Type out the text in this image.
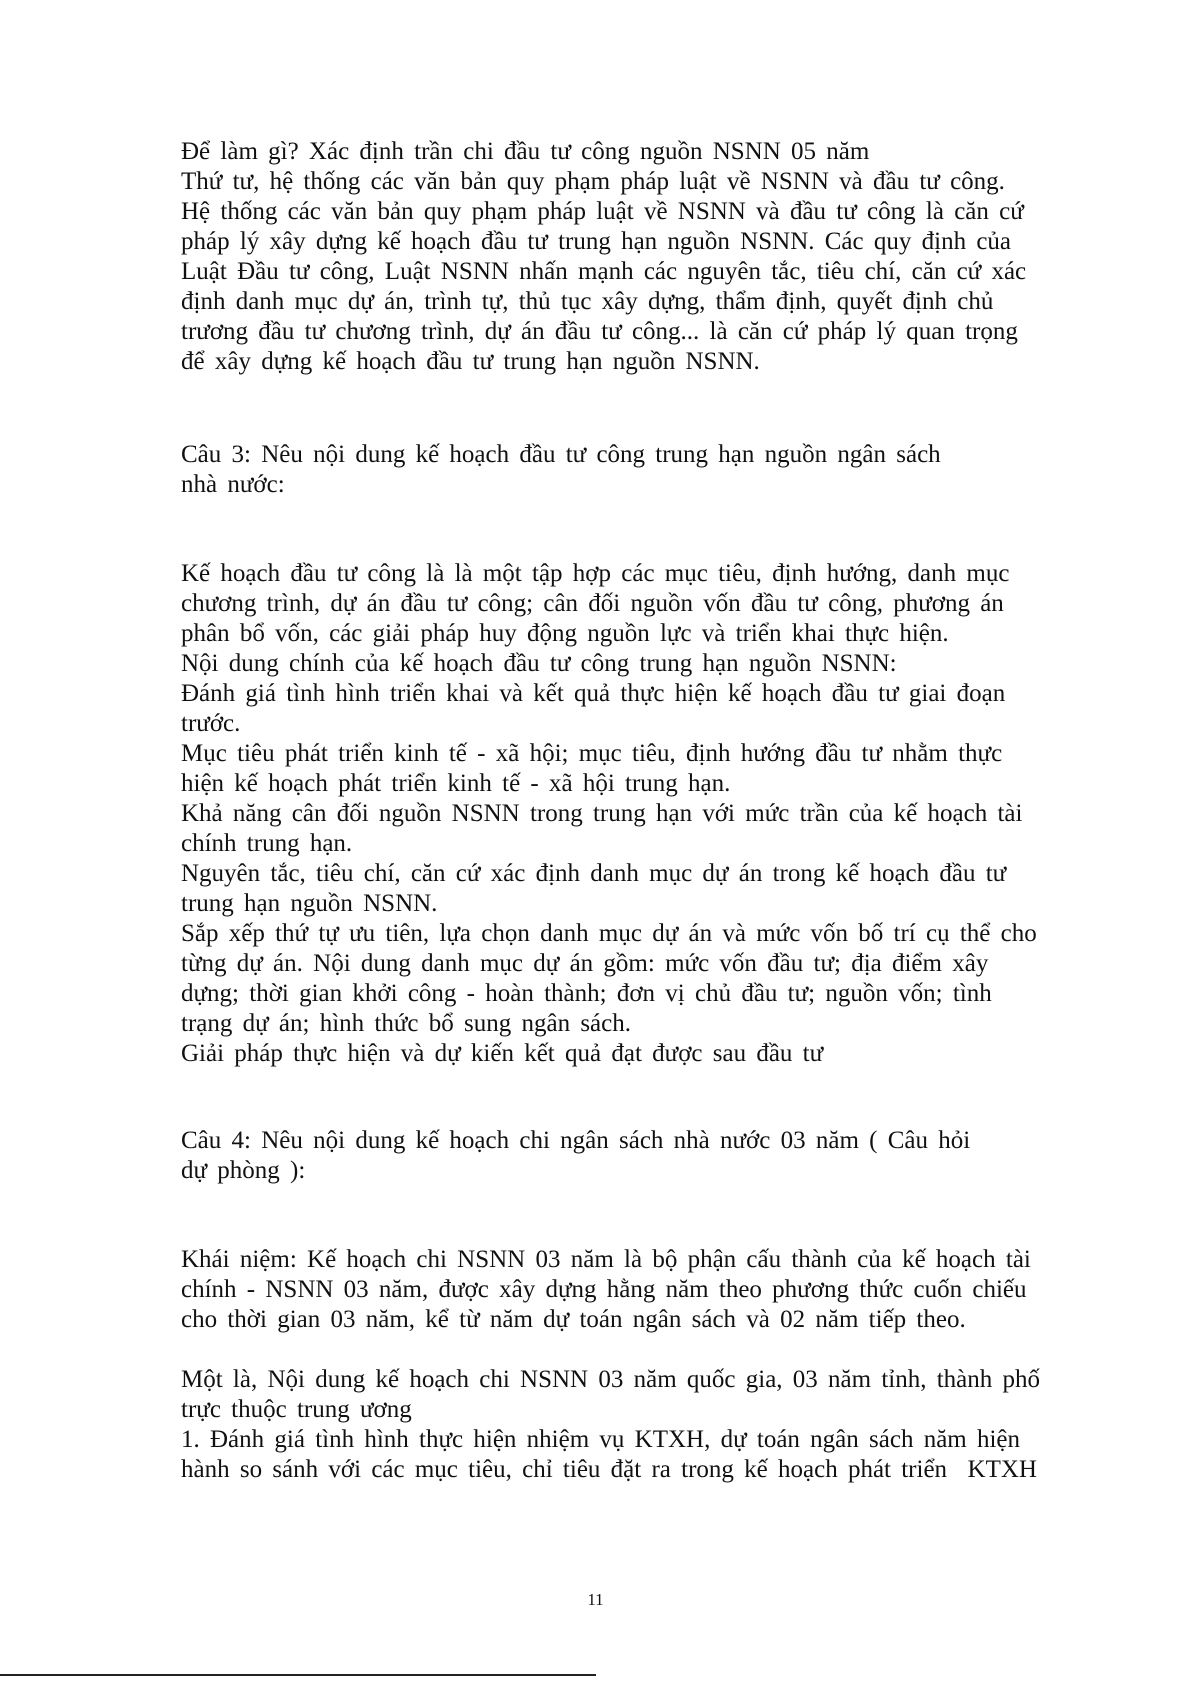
Để làm gì? Xác định trần chi đầu tư công nguồn NSNN 05 năm
Thứ tư, hệ thống các văn bản quy phạm pháp luật về NSNN và đầu tư công.
Hệ thống các văn bản quy phạm pháp luật về NSNN và đầu tư công là căn cứ
pháp lý xây dựng kế hoạch đầu tư trung hạn nguồn NSNN. Các quy định của
Luật Đầu tư công, Luật NSNN nhấn mạnh các nguyên tắc, tiêu chí, căn cứ xác
định danh mục dự án, trình tự, thủ tục xây dựng, thẩm định, quyết định chủ
trương đầu tư chương trình, dự án đầu tư công... là căn cứ pháp lý quan trọng
để xây dựng kế hoạch đầu tư trung hạn nguồn NSNN.
Câu 3: Nêu nội dung kế hoạch đầu tư công trung hạn nguồn ngân sách
nhà nước:
Kế hoạch đầu tư công là là một tập hợp các mục tiêu, định hướng, danh mục
chương trình, dự án đầu tư công; cân đối nguồn vốn đầu tư công, phương án
phân bổ vốn, các giải pháp huy động nguồn lực và triển khai thực hiện.
Nội dung chính của kế hoạch đầu tư công trung hạn nguồn NSNN:
Đánh giá tình hình triển khai và kết quả thực hiện kế hoạch đầu tư giai đoạn
trước.
Mục tiêu phát triển kinh tế - xã hội; mục tiêu, định hướng đầu tư nhằm thực
hiện kế hoạch phát triển kinh tế - xã hội trung hạn.
Khả năng cân đối nguồn NSNN trong trung hạn với mức trần của kế hoạch tài
chính trung hạn.
Nguyên tắc, tiêu chí, căn cứ xác định danh mục dự án trong kế hoạch đầu tư
trung hạn nguồn NSNN.
Sắp xếp thứ tự ưu tiên, lựa chọn danh mục dự án và mức vốn bố trí cụ thể cho
từng dự án. Nội dung danh mục dự án gồm: mức vốn đầu tư; địa điểm xây
dựng; thời gian khởi công - hoàn thành; đơn vị chủ đầu tư; nguồn vốn; tình
trạng dự án; hình thức bổ sung ngân sách.
Giải pháp thực hiện và dự kiến kết quả đạt được sau đầu tư
Câu 4: Nêu nội dung kế hoạch chi ngân sách nhà nước 03 năm ( Câu hỏi
dự phòng ):
Khái niệm: Kế hoạch chi NSNN 03 năm là bộ phận cấu thành của kế hoạch tài
chính - NSNN 03 năm, được xây dựng hằng năm theo phương thức cuốn chiếu
cho thời gian 03 năm, kể từ năm dự toán ngân sách và 02 năm tiếp theo.
Một là, Nội dung kế hoạch chi NSNN 03 năm quốc gia, 03 năm tỉnh, thành phố
trực thuộc trung ương
1. Đánh giá tình hình thực hiện nhiệm vụ KTXH, dự toán ngân sách năm hiện
hành so sánh với các mục tiêu, chỉ tiêu đặt ra trong kế hoạch phát triển  KTXH
11
